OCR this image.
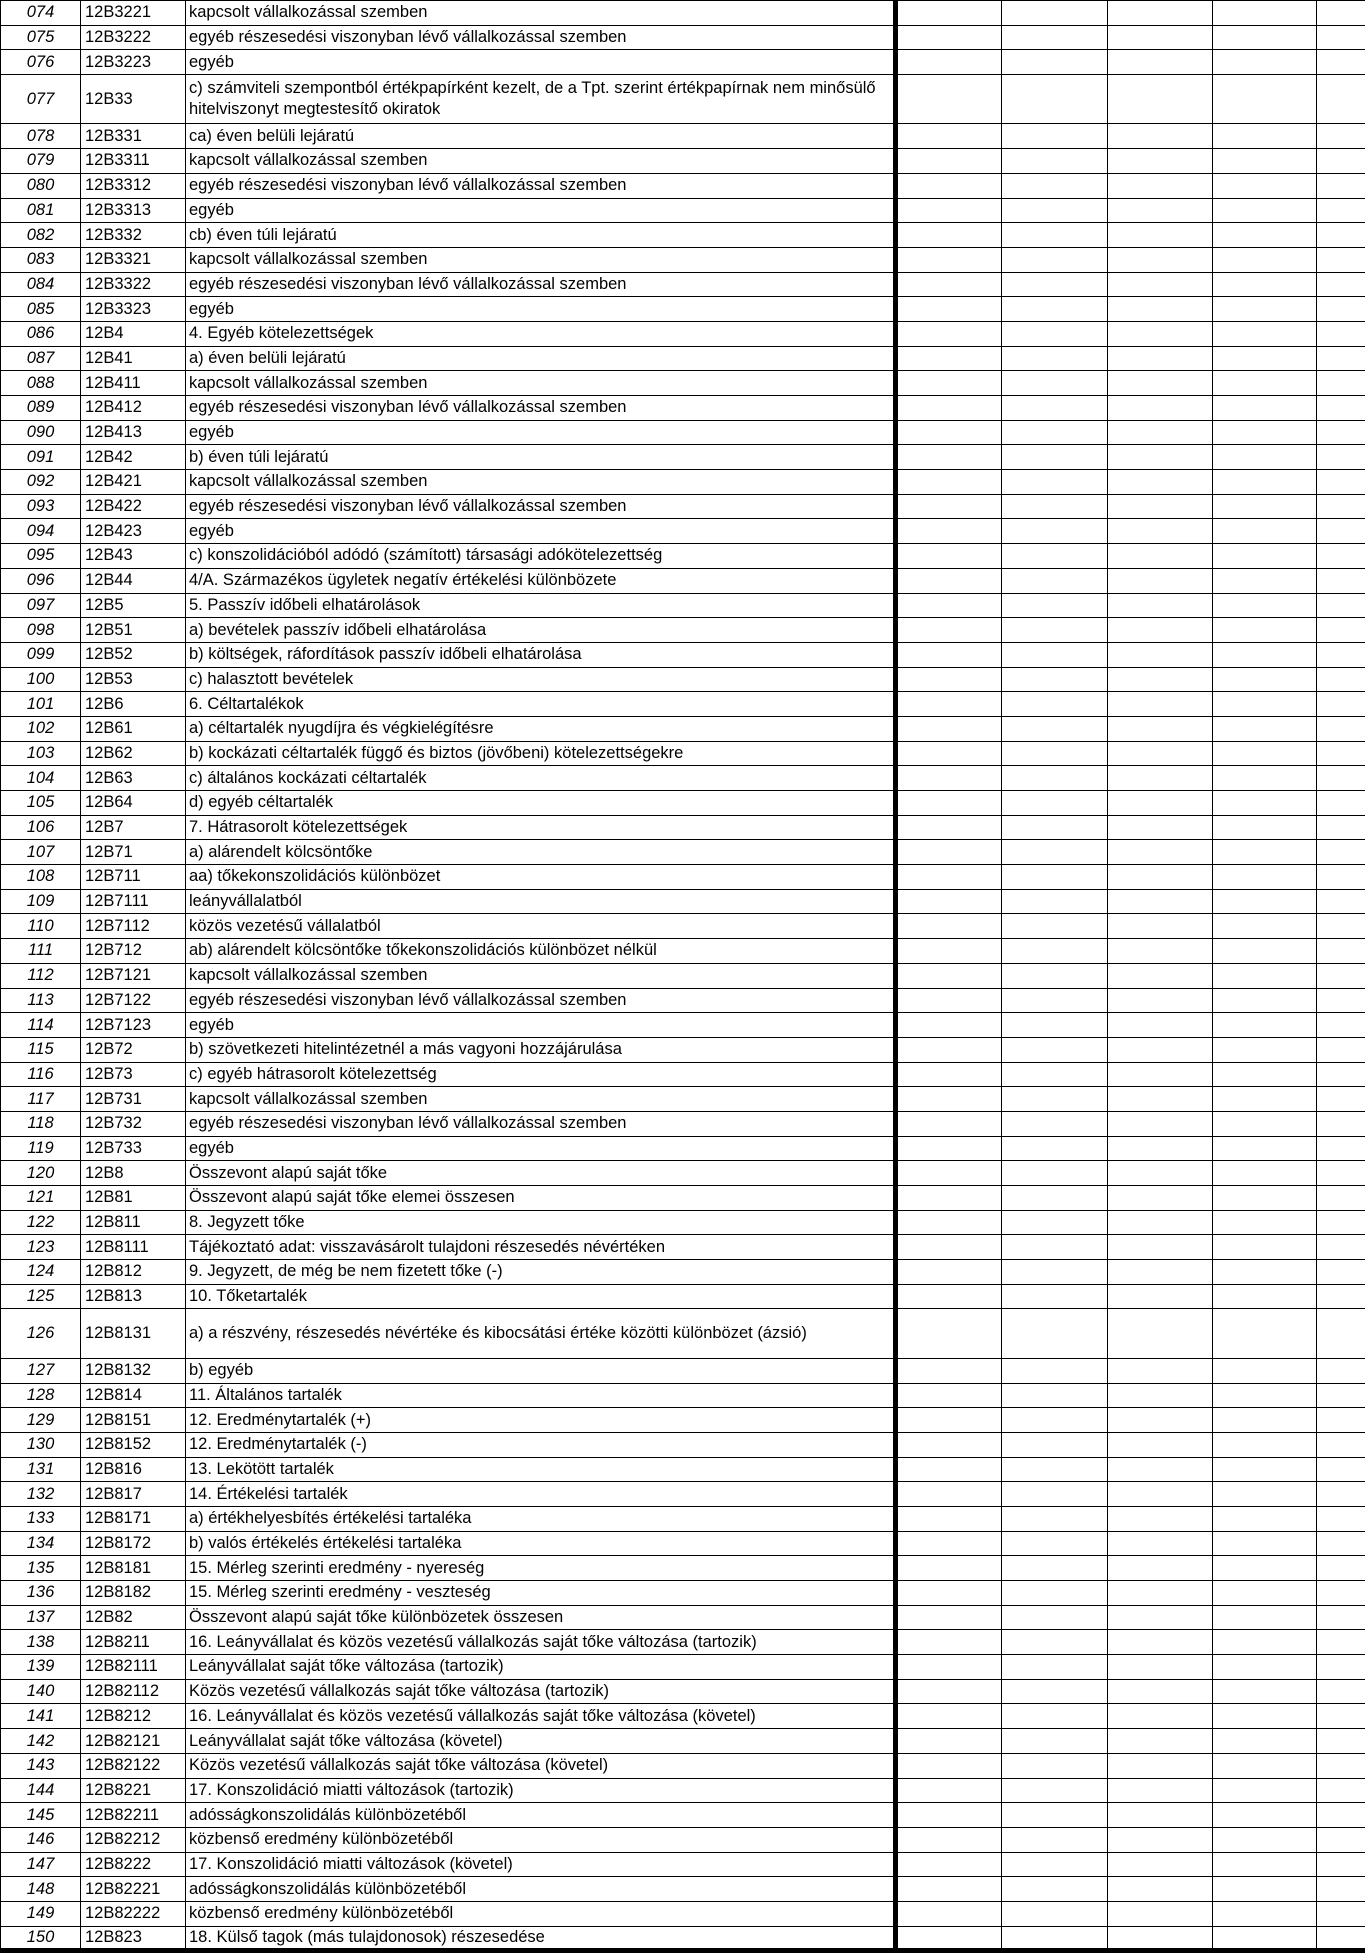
074	12B3221	kapcsolt vállalkozással szemben					
075	12B3222	egyéb részesedési viszonyban lévő vállalkozással szemben					
076	12B3223	egyéb					
077	12B33	c) számviteli szempontból értékpapírként kezelt, de a Tpt. szerint értékpapírnak nem minősülő hitelviszonyt megtestesítő okiratok					
078	12B331	ca) éven belüli lejáratú					
079	12B3311	kapcsolt vállalkozással szemben					
080	12B3312	egyéb részesedési viszonyban lévő vállalkozással szemben					
081	12B3313	egyéb					
082	12B332	cb) éven túli lejáratú					
083	12B3321	kapcsolt vállalkozással szemben					
084	12B3322	egyéb részesedési viszonyban lévő vállalkozással szemben					
085	12B3323	egyéb					
086	12B4	4. Egyéb kötelezettségek					
087	12B41	a) éven belüli lejáratú					
088	12B411	kapcsolt vállalkozással szemben					
089	12B412	egyéb részesedési viszonyban lévő vállalkozással szemben					
090	12B413	egyéb					
091	12B42	b) éven túli lejáratú					
092	12B421	kapcsolt vállalkozással szemben					
093	12B422	egyéb részesedési viszonyban lévő vállalkozással szemben					
094	12B423	egyéb					
095	12B43	c) konszolidációból adódó (számított) társasági adókötelezettség					
096	12B44	4/A. Származékos ügyletek negatív értékelési különbözete					
097	12B5	5. Passzív időbeli elhatárolások					
098	12B51	a) bevételek passzív időbeli elhatárolása					
099	12B52	b) költségek, ráfordítások passzív időbeli elhatárolása					
100	12B53	c) halasztott bevételek					
101	12B6	6. Céltartalékok					
102	12B61	a) céltartalék nyugdíjra és végkielégítésre					
103	12B62	b) kockázati céltartalék függő és biztos (jövőbeni) kötelezettségekre					
104	12B63	c) általános kockázati céltartalék					
105	12B64	d) egyéb céltartalék					
106	12B7	7. Hátrasorolt kötelezettségek					
107	12B71	a) alárendelt kölcsöntőke					
108	12B711	aa) tőkekonszolidációs különbözet					
109	12B7111	leányvállalatból					
110	12B7112	közös vezetésű vállalatból					
111	12B712	ab) alárendelt kölcsöntőke tőkekonszolidációs különbözet nélkül					
112	12B7121	kapcsolt vállalkozással szemben					
113	12B7122	egyéb részesedési viszonyban lévő vállalkozással szemben					
114	12B7123	egyéb					
115	12B72	b) szövetkezeti hitelintézetnél a más vagyoni hozzájárulása					
116	12B73	c) egyéb hátrasorolt kötelezettség					
117	12B731	kapcsolt vállalkozással szemben					
118	12B732	egyéb részesedési viszonyban lévő vállalkozással szemben					
119	12B733	egyéb					
120	12B8	Összevont alapú saját tőke					
121	12B81	Összevont alapú saját tőke elemei összesen					
122	12B811	8. Jegyzett tőke					
123	12B8111	Tájékoztató adat: visszavásárolt tulajdoni részesedés névértéken					
124	12B812	9. Jegyzett, de még be nem fizetett tőke (-)					
125	12B813	10. Tőketartalék					
126	12B8131	a) a részvény, részesedés névértéke és kibocsátási értéke közötti különbözet (ázsió)					
127	12B8132	b) egyéb					
128	12B814	11. Általános tartalék					
129	12B8151	12. Eredménytartalék (+)					
130	12B8152	12. Eredménytartalék (-)					
131	12B816	13. Lekötött tartalék					
132	12B817	14. Értékelési tartalék					
133	12B8171	a) értékhelyesbítés értékelési tartaléka					
134	12B8172	b) valós értékelés értékelési tartaléka					
135	12B8181	15. Mérleg szerinti eredmény - nyereség					
136	12B8182	15. Mérleg szerinti eredmény - veszteség					
137	12B82	Összevont alapú saját tőke különbözetek összesen					
138	12B8211	16. Leányvállalat és közös vezetésű vállalkozás saját tőke változása (tartozik)					
139	12B82111	Leányvállalat saját tőke változása (tartozik)					
140	12B82112	Közös vezetésű vállalkozás saját tőke változása (tartozik)					
141	12B8212	16. Leányvállalat és közös vezetésű vállalkozás saját tőke változása (követel)					
142	12B82121	Leányvállalat saját tőke változása (követel)					
143	12B82122	Közös vezetésű vállalkozás saját tőke változása (követel)					
144	12B8221	17. Konszolidáció miatti változások (tartozik)					
145	12B82211	adósságkonszolidálás különbözetéből					
146	12B82212	közbenső eredmény különbözetéből					
147	12B8222	17. Konszolidáció miatti változások (követel)					
148	12B82221	adósságkonszolidálás különbözetéből					
149	12B82222	közbenső eredmény különbözetéből					
150	12B823	18. Külső tagok (más tulajdonosok) részesedése					
